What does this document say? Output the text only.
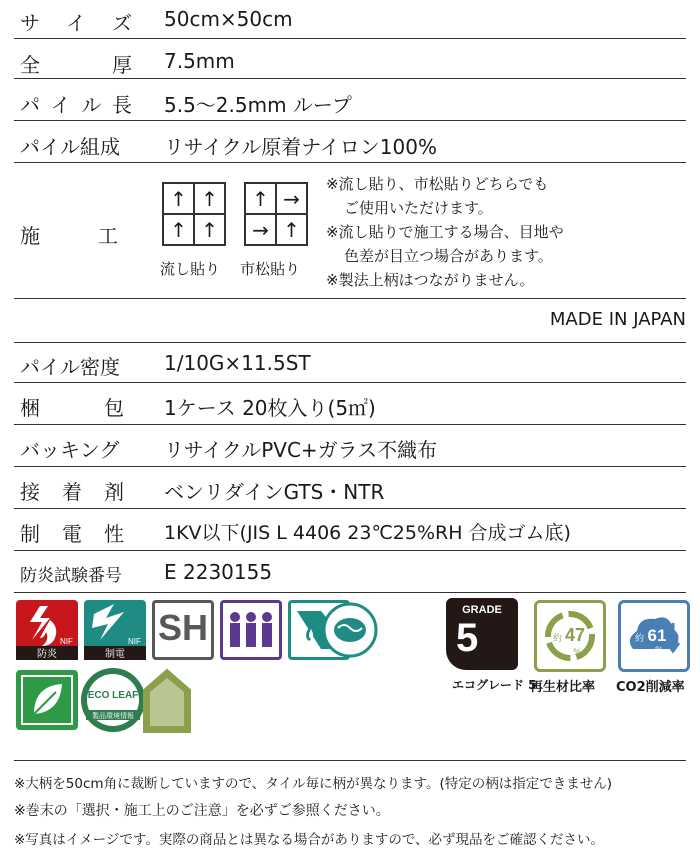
サ イ ズ 50cm×50cm
全	厚 7.5mm
パ イ ル 長 5.5〜2.5mm ループ
パイル組成 リサイクル原着ナイロン100%
施工
↑ ↑
↑ ↑
流し貼り
↑ →
→ ↑
市松貼り
※流し貼り、市松貼りどちらでも
ご使用いただけます。
※流し貼りで施工する場合、目地や
色差が目立つ場合があります。
※製法上柄はつながりません。
MADE IN JAPAN
パイル密度 1/10G×11.5ST
梱包
1ケース 20枚入り(5㎡)
バッキング リサイクルPVC+ガラス不織布
接着剤 ベンリダインGTS・NTR
制電性 1KV以下(JIS L 4406 23℃25%RH 合成ゴム底)
防炎試験番号 E 2230155
NIF
防炎
NIF
制電
SH
ECO LEAF
製品環境情報
GRADE
5
エコグレード 5
約 47
%
再生材比率
約 61
%
CO2削減率
※大柄を50cm角に裁断していますので、タイル毎に柄が異なります。(特定の柄は指定できません)
※巻末の「選択・施工上のご注意」を必ずご参照ください。
※写真はイメージです。実際の商品とは異なる場合がありますので、必ず現品をご確認ください。
